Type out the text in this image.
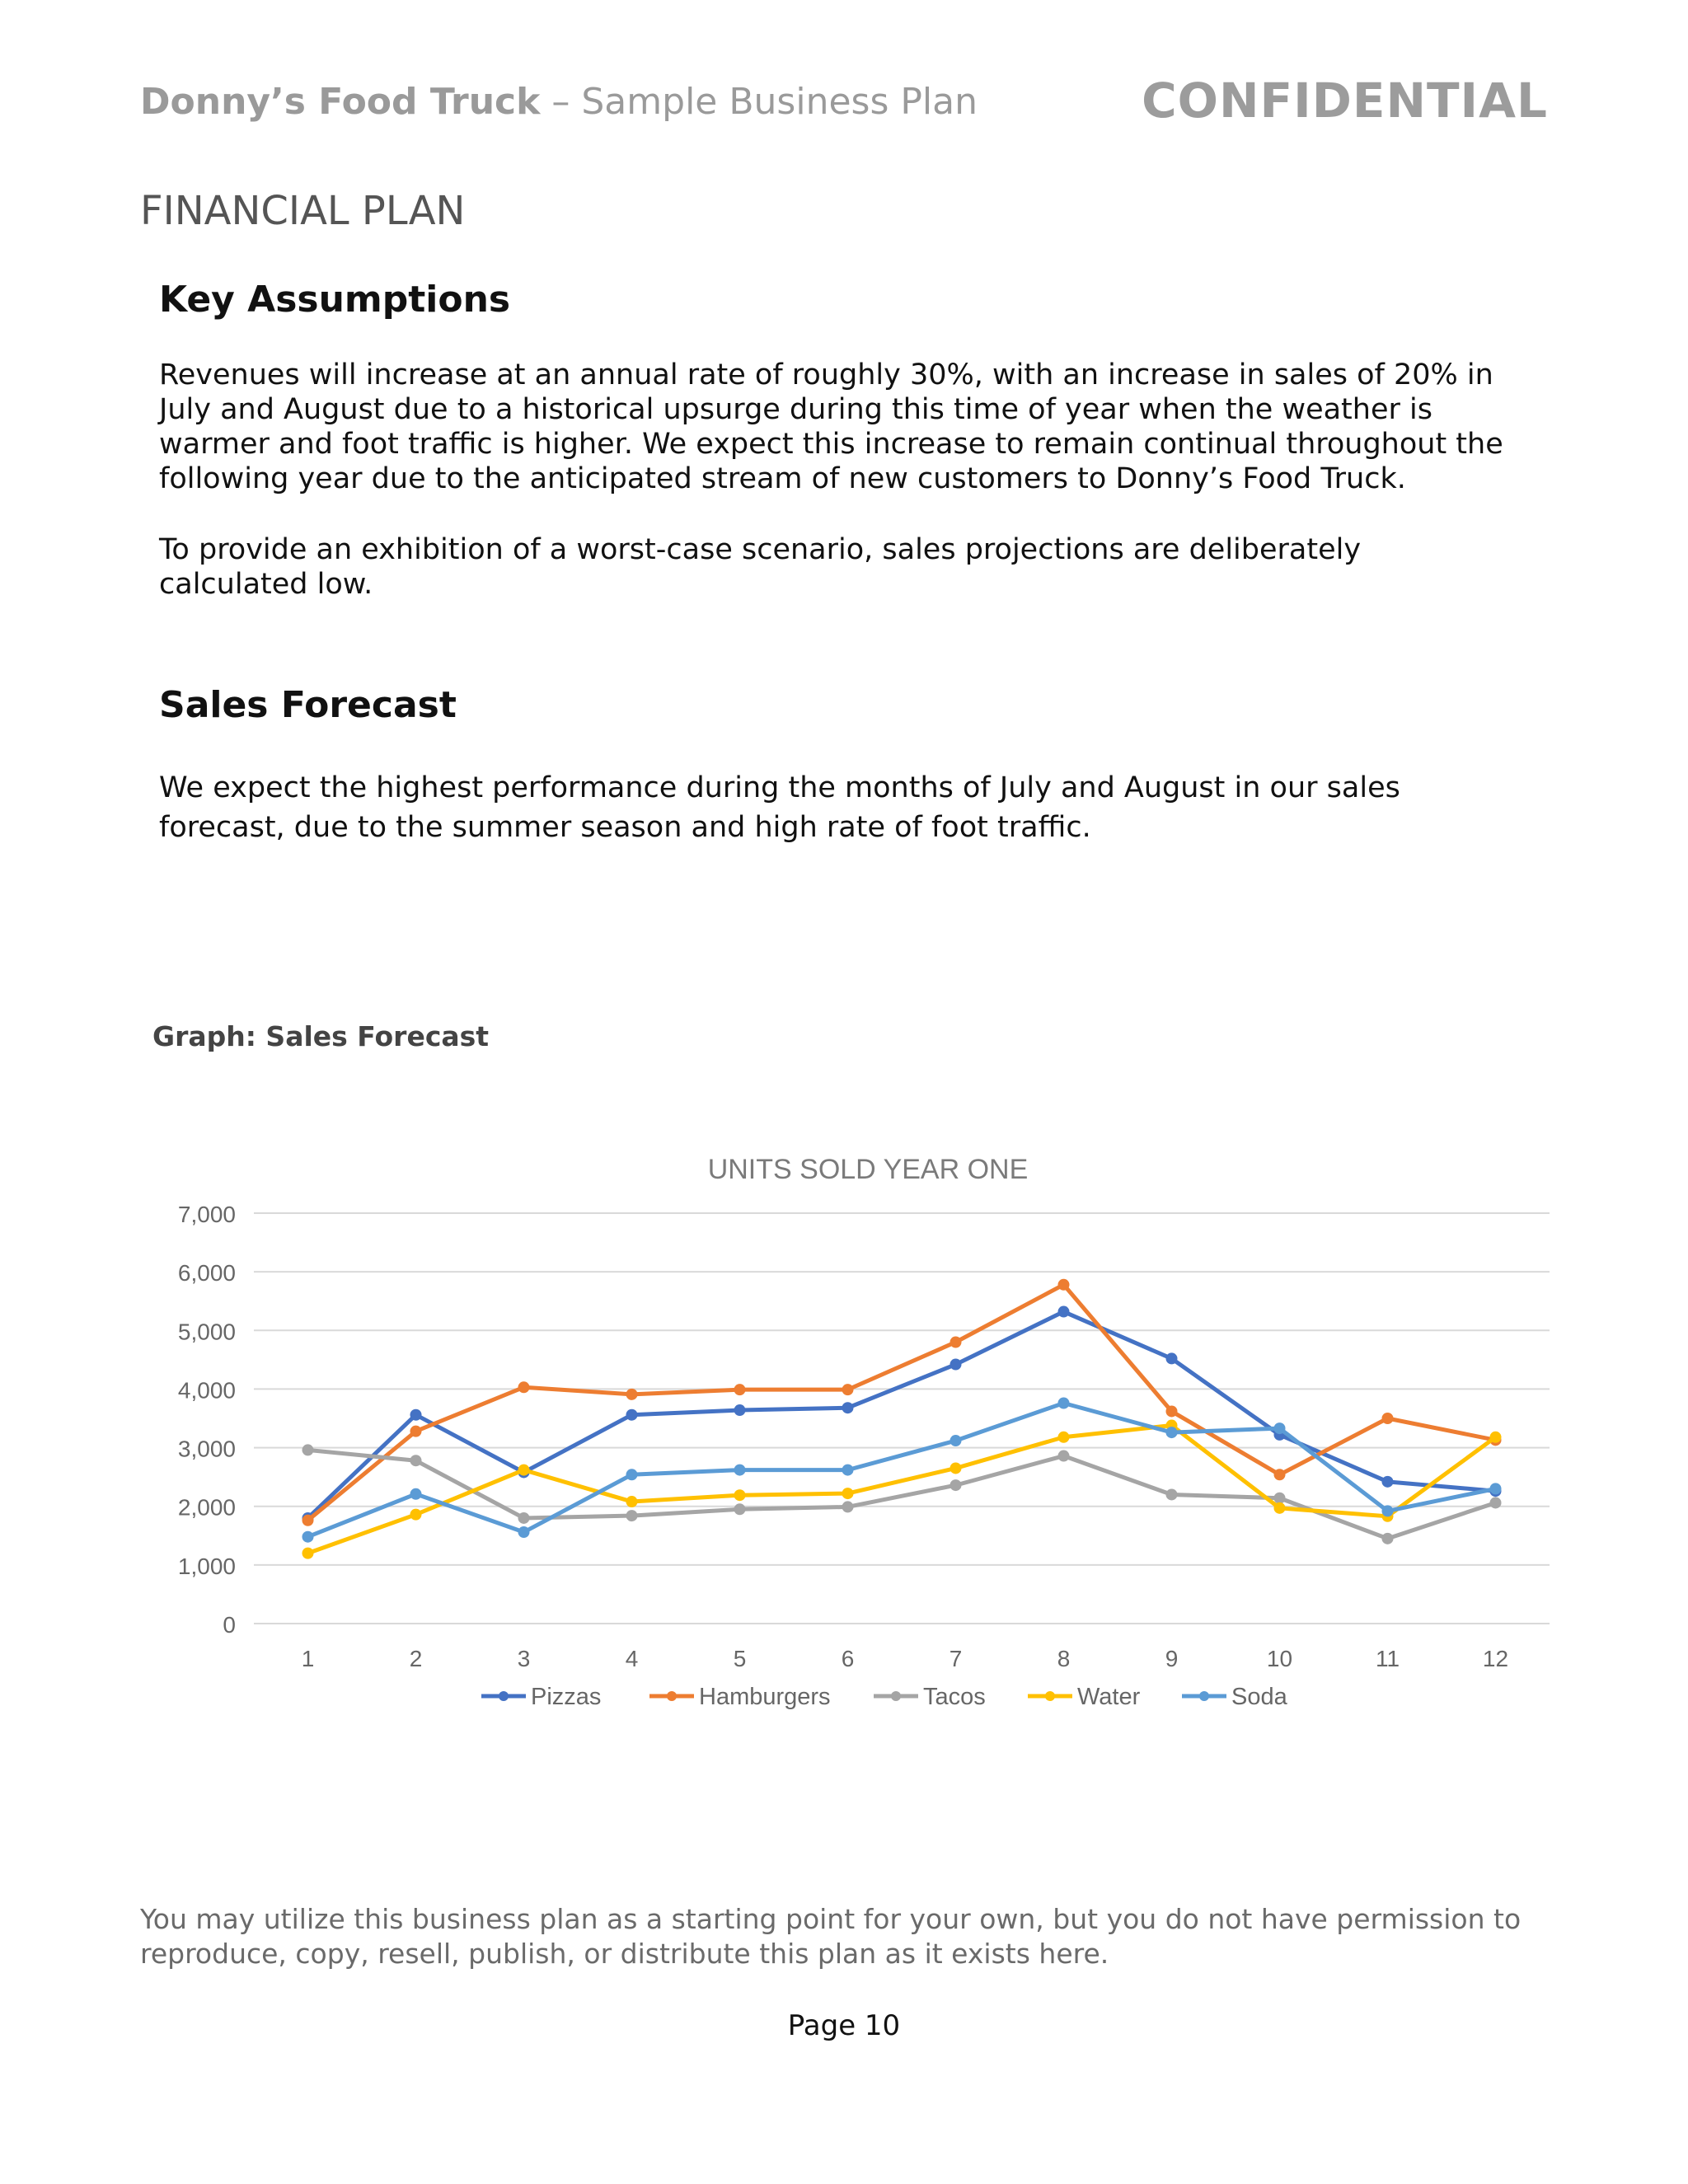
Donny’s Food Truck – Sample Business Plan	CONFIDENTIAL
FINANCIAL PLAN
Key Assumptions

Revenues will increase at an annual rate of roughly 30%, with an increase in sales of 20% in July and August due to a historical upsurge during this time of year when the weather is warmer and foot traffic is higher. We expect this increase to remain continual throughout the following year due to the anticipated stream of new customers to Donny’s Food Truck.

To provide an exhibition of a worst-case scenario, sales projections are deliberately calculated low.

Sales Forecast

We expect the highest performance during the months of July and August in our sales forecast, due to the summer season and high rate of foot traffic.

Graph: Sales Forecast
UNITS SOLD YEAR ONE
0
1,000
2,000
3,000
4,000
5,000
6,000
7,000
1	2	3	4	5	6	7	8	9	10	11	12
Pizzas	Hamburgers	Tacos	Water	Soda

You may utilize this business plan as a starting point for your own, but you do not have permission to reproduce, copy, resell, publish, or distribute this plan as it exists here.

Page 10
